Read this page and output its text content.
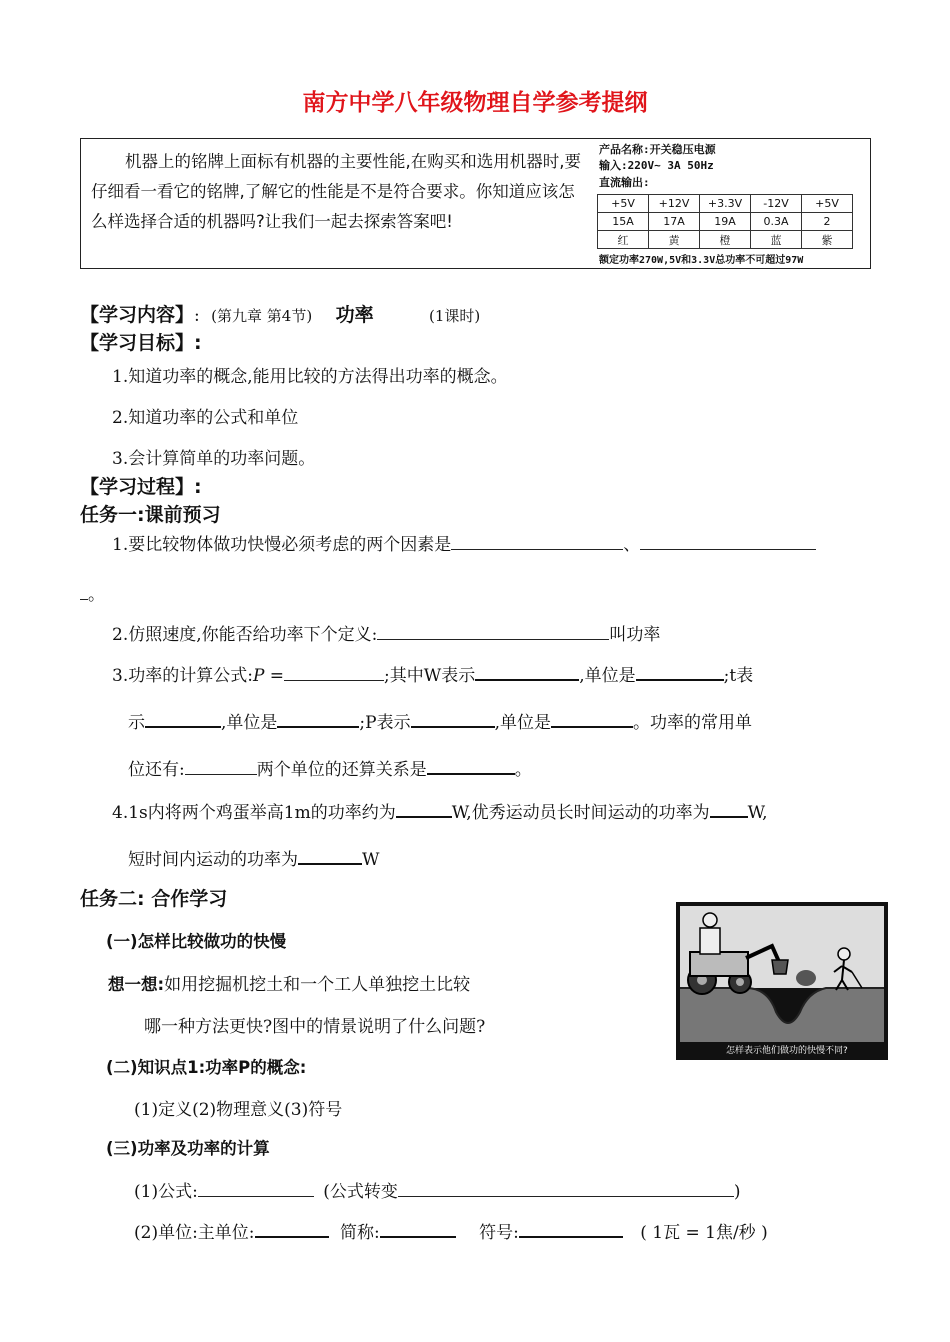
南方中学八年级物理自学参考提纲
机器上的铭牌上面标有机器的主要性能,在购买和选用机器时,要仔细看一看它的铭牌,了解它的性能是不是符合要求。你知道应该怎么样选择合适的机器吗?让我们一起去探索答案吧!
产品名称:开关稳压电源
输入:220V~ 3A 50Hz
直流输出:
+5V	+12V	+3.3V	-12V	+5V
15A	17A	19A	0.3A	2
红	黄	橙	蓝	紫
额定功率270W,5V和3.3V总功率不可超过97W
【学习内容】: (第九章 第4节) 功率	(1课时)
【学习目标】:
1.知道功率的概念,能用比较的方法得出功率的概念。
2.知道功率的公式和单位
3.会计算简单的功率问题。
【学习过程】:
任务一:课前预习
1.要比较物体做功快慢必须考虑的两个因素是	、
。
2.仿照速度,你能否给功率下个定义:	叫功率
3.功率的计算公式:P =	;其中W表示	,单位是	;t表
示	,单位是	;P表示	,单位是	。功率的常用单
位还有:	两个单位的还算关系是	。
4.1s内将两个鸡蛋举高1m的功率约为	W,优秀运动员长时间运动的功率为 W,
短时间内运动的功率为	W
任务二: 合作学习
(一)怎样比较做功的快慢
想一想:如用挖掘机挖土和一个工人单独挖土比较
哪一种方法更快?图中的情景说明了什么问题?
(二)知识点1:功率P的概念:
(1)定义(2)物理意义(3)符号
(三)功率及功率的计算
(1)公式:	(公式转变	)
(2)单位:主单位:	简称:	符号:	( 1瓦 = 1焦/秒 )
怎样表示他们做功的快慢不同?
